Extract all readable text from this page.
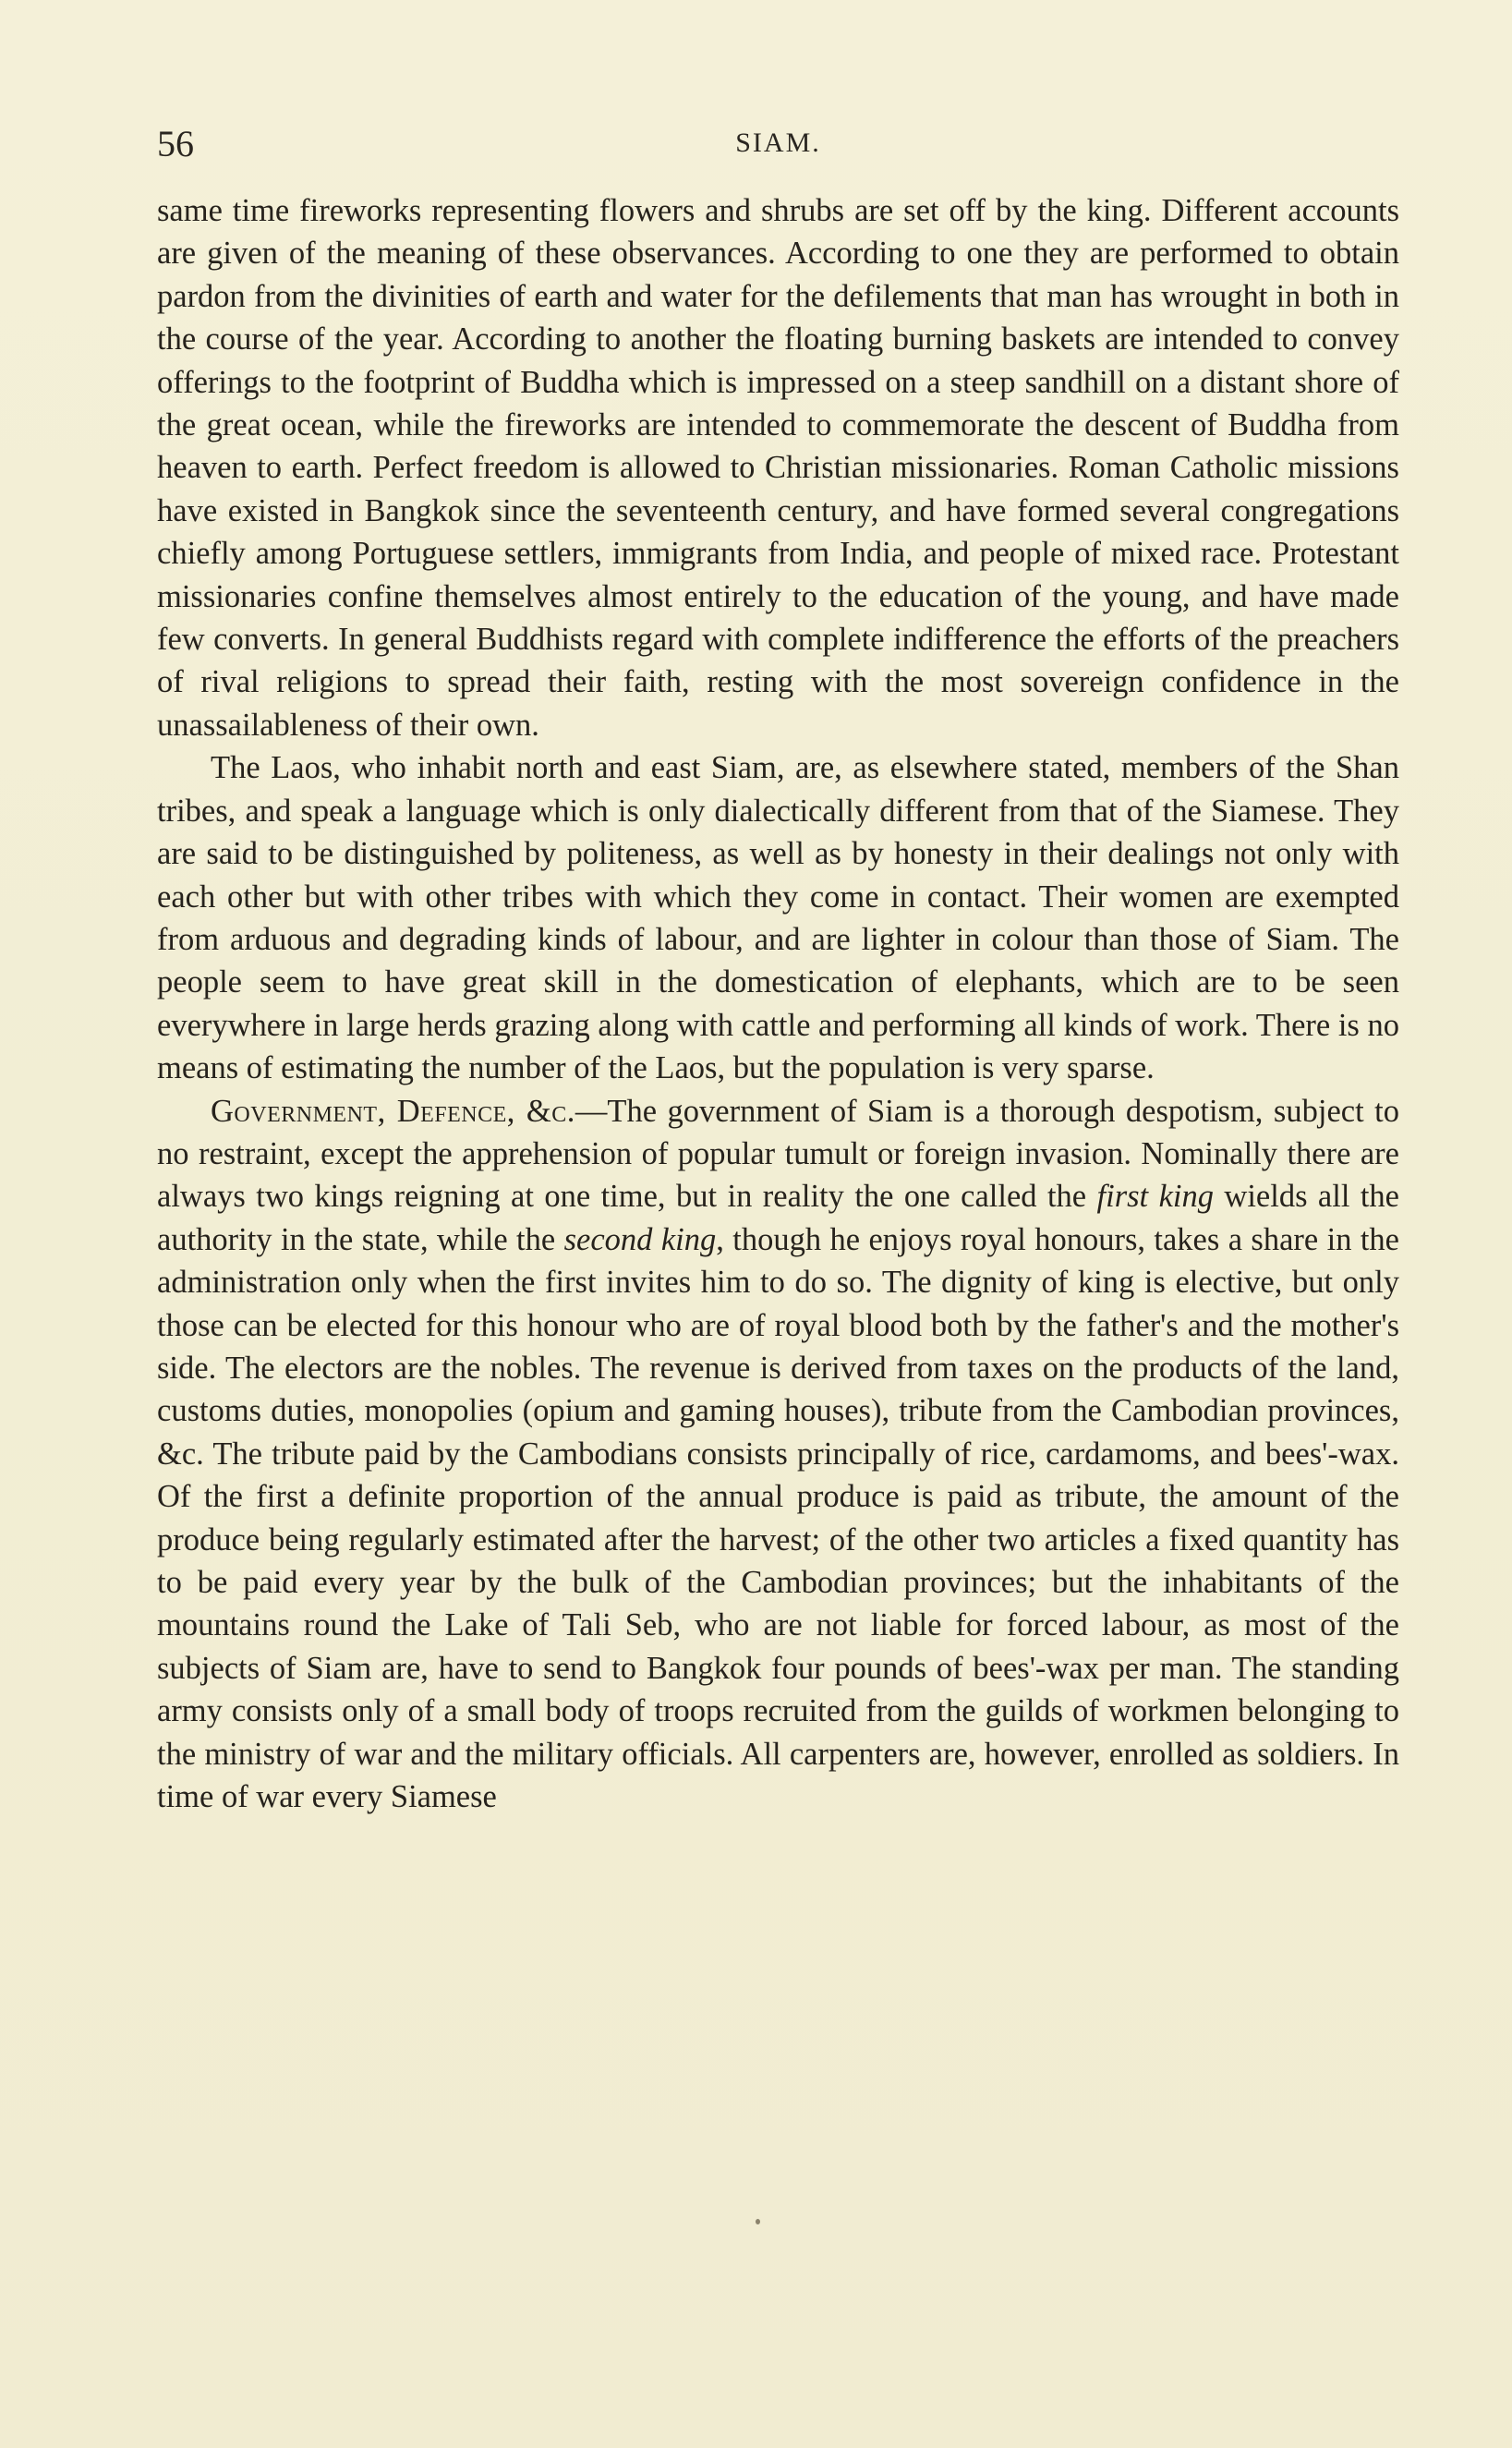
56	SIAM.

same time fireworks representing flowers and shrubs are set off by the king. Different accounts are given of the meaning of these observances. According to one they are performed to obtain pardon from the divinities of earth and water for the defilements that man has wrought in both in the course of the year. According to another the floating burning baskets are intended to convey offerings to the footprint of Buddha which is impressed on a steep sandhill on a distant shore of the great ocean, while the fireworks are intended to commemorate the descent of Buddha from heaven to earth. Perfect freedom is allowed to Christian missionaries. Roman Catholic missions have existed in Bangkok since the seventeenth century, and have formed several congregations chiefly among Portuguese settlers, immigrants from India, and people of mixed race. Protestant missionaries confine themselves almost entirely to the education of the young, and have made few converts. In general Buddhists regard with complete indifference the efforts of the preachers of rival religions to spread their faith, resting with the most sovereign confidence in the unassailableness of their own.

The Laos, who inhabit north and east Siam, are, as elsewhere stated, members of the Shan tribes, and speak a language which is only dialectically different from that of the Siamese. They are said to be distinguished by politeness, as well as by honesty in their dealings not only with each other but with other tribes with which they come in contact. Their women are exempted from arduous and degrading kinds of labour, and are lighter in colour than those of Siam. The people seem to have great skill in the domestication of elephants, which are to be seen everywhere in large herds grazing along with cattle and performing all kinds of work. There is no means of estimating the number of the Laos, but the population is very sparse.

Government, Defence, &c.—The government of Siam is a thorough despotism, subject to no restraint, except the apprehension of popular tumult or foreign invasion. Nominally there are always two kings reigning at one time, but in reality the one called the first king wields all the authority in the state, while the second king, though he enjoys royal honours, takes a share in the administration only when the first invites him to do so. The dignity of king is elective, but only those can be elected for this honour who are of royal blood both by the father's and the mother's side. The electors are the nobles. The revenue is derived from taxes on the products of the land, customs duties, monopolies (opium and gaming houses), tribute from the Cambodian provinces, &c. The tribute paid by the Cambodians consists principally of rice, cardamoms, and bees'-wax. Of the first a definite proportion of the annual produce is paid as tribute, the amount of the produce being regularly estimated after the harvest; of the other two articles a fixed quantity has to be paid every year by the bulk of the Cambodian provinces; but the inhabitants of the mountains round the Lake of Tali Seb, who are not liable for forced labour, as most of the subjects of Siam are, have to send to Bangkok four pounds of bees'-wax per man. The standing army consists only of a small body of troops recruited from the guilds of workmen belonging to the ministry of war and the military officials. All carpenters are, however, enrolled as soldiers. In time of war every Siamese
